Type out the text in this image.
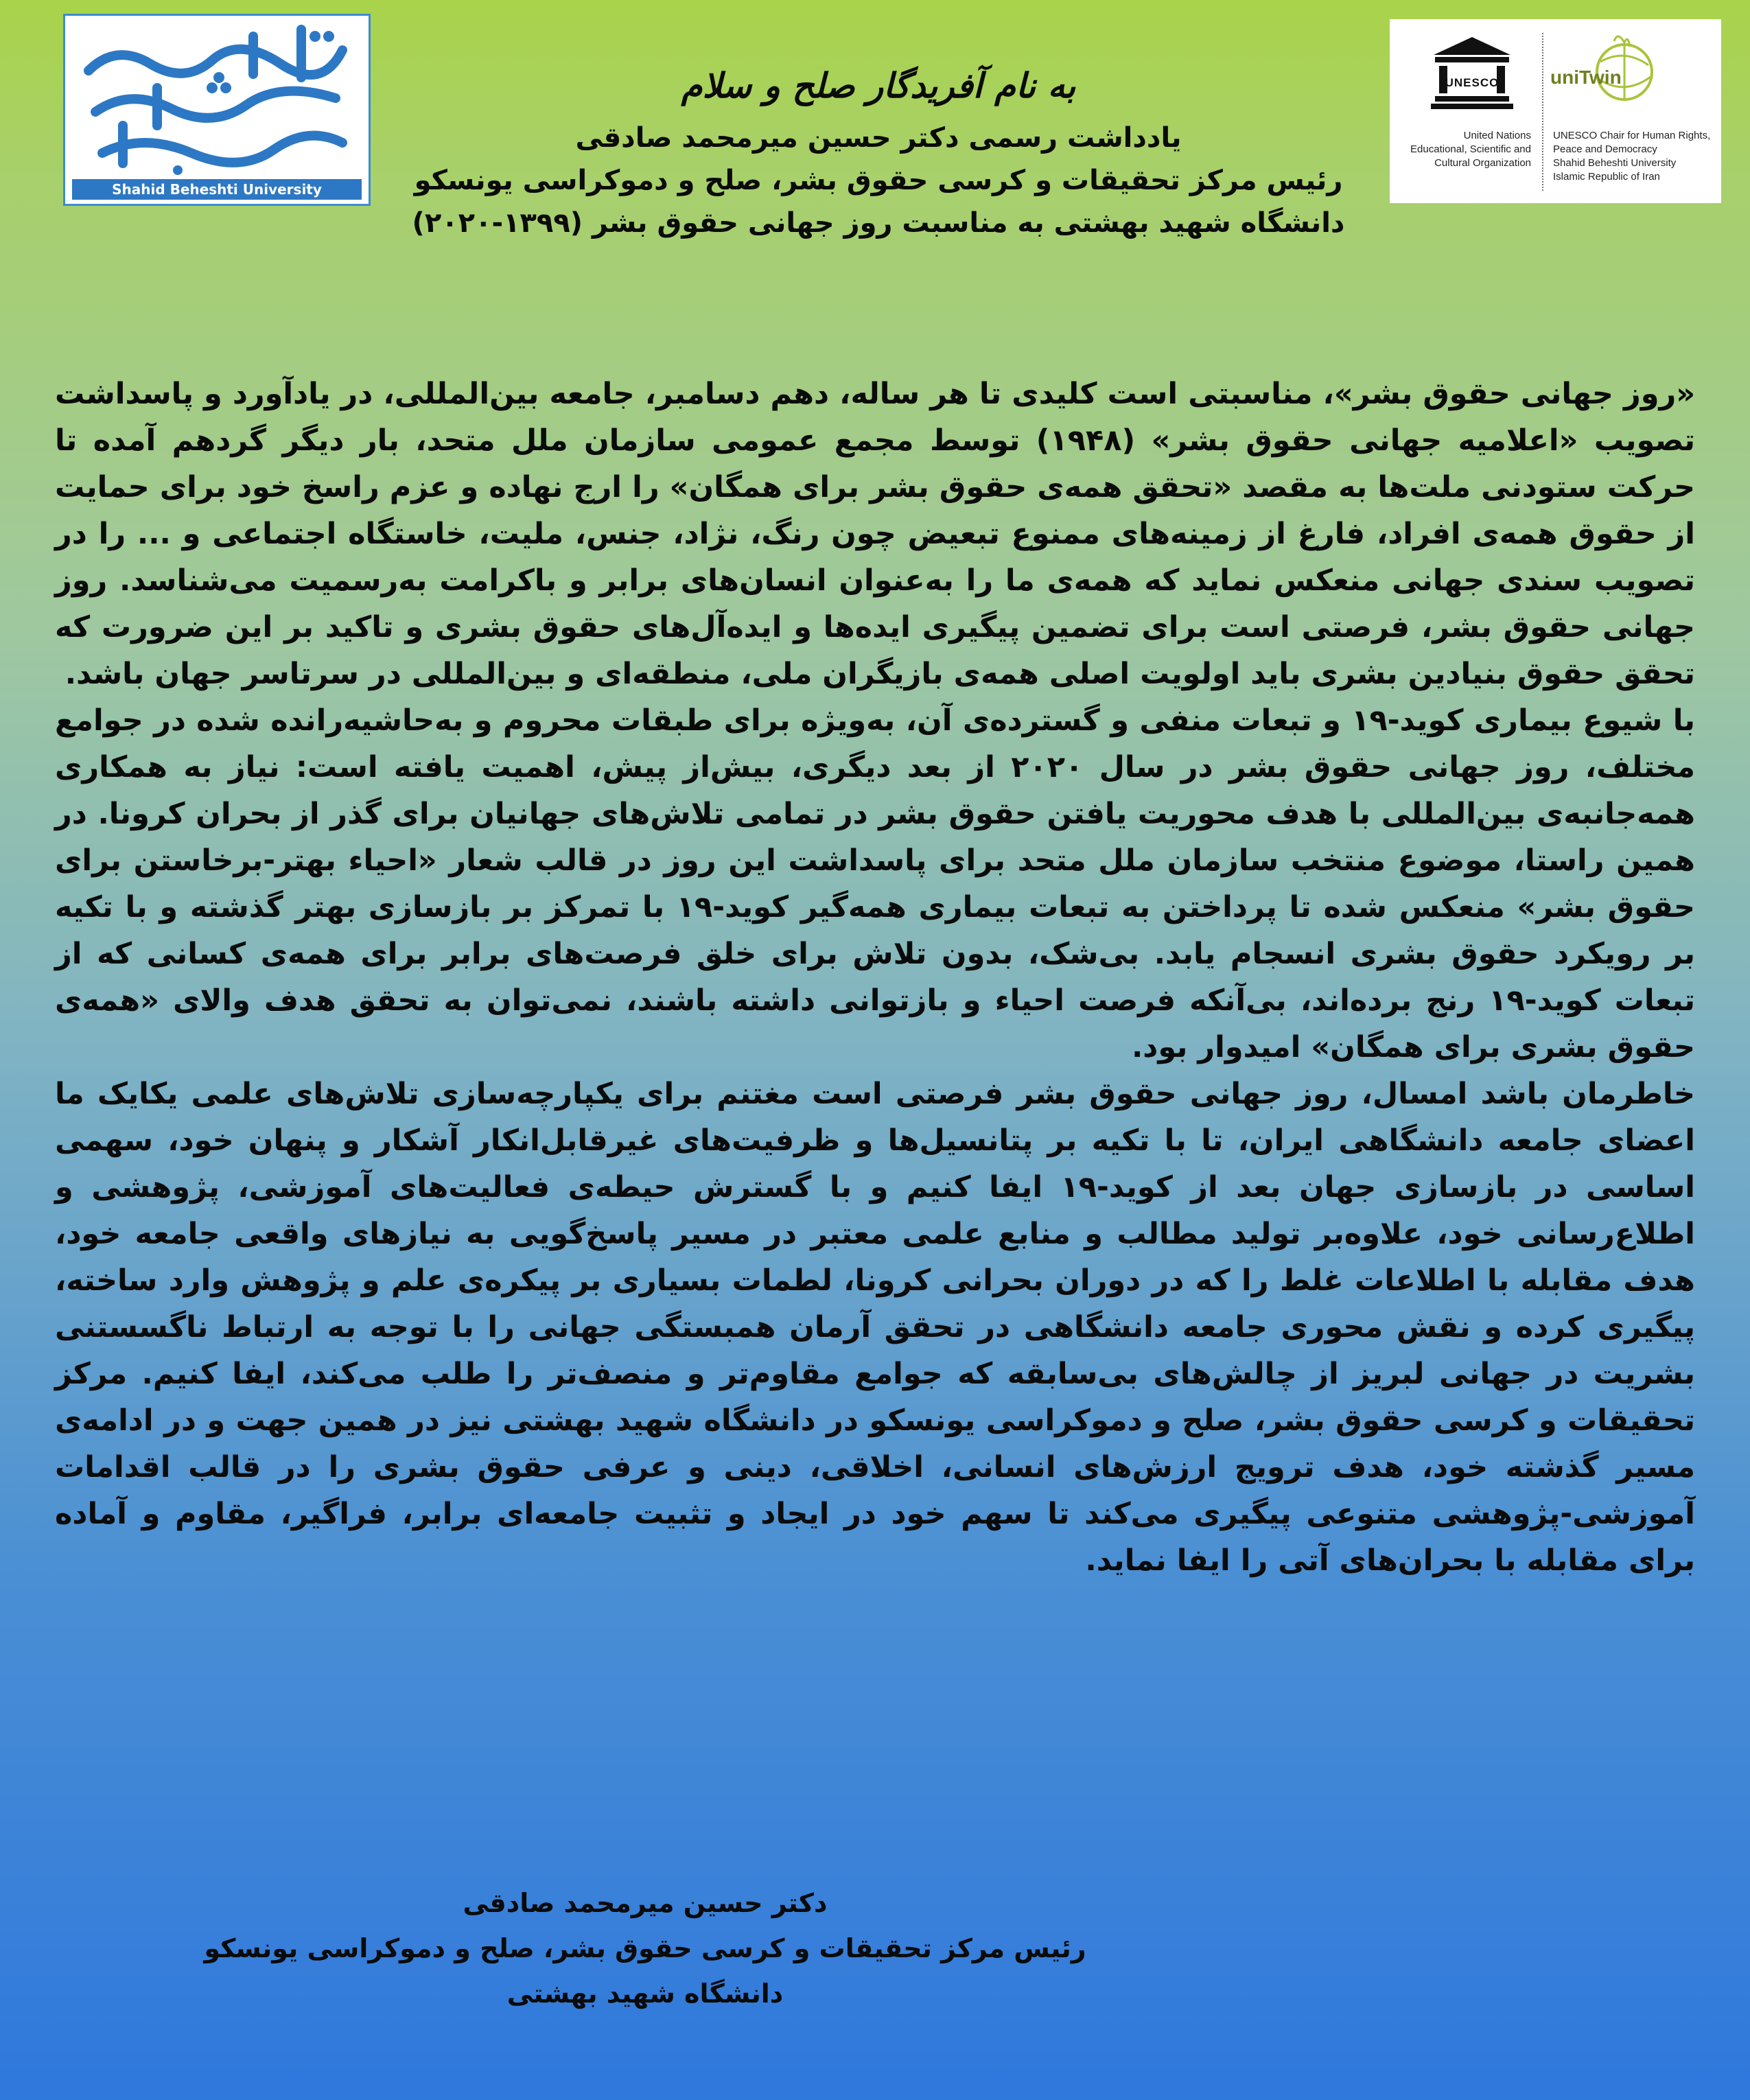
Shahid Beheshti University
UNESCO
United Nations
Educational, Scientific and
Cultural Organization
uniTwin
UNESCO Chair for Human Rights,
Peace and Democracy
Shahid Beheshti University
Islamic Republic of Iran
به نام آفریدگار صلح و سلام
یادداشت رسمی دکتر حسین میرمحمد صادقی
رئیس مرکز تحقیقات و کرسی حقوق بشر، صلح و دموکراسی یونسکو
دانشگاه شهید بهشتی به مناسبت روز جهانی حقوق بشر (۱۳۹۹-۲۰۲۰)

«روز جهانی حقوق بشر»، مناسبتی است کلیدی تا هر ساله، دهم دسامبر، جامعه بین‌المللی، در یادآورد و پاسداشت تصویب «اعلامیه جهانی حقوق بشر» (۱۹۴۸) توسط مجمع عمومی سازمان ملل متحد، بار دیگر گردهم آمده تا حرکت ستودنی ملت‌ها به مقصد «تحقق همه‌ی حقوق بشر برای همگان» را ارج نهاده و عزم راسخ خود برای حمایت از حقوق همه‌ی افراد، فارغ از زمینه‌های ممنوع تبعیض چون رنگ، نژاد، جنس، ملیت، خاستگاه اجتماعی و ... را در تصویب سندی جهانی منعکس نماید که همه‌ی ما را به‌عنوان انسان‌های برابر و باکرامت به‌رسمیت می‌شناسد. روز جهانی حقوق بشر، فرصتی است برای تضمین پیگیری ایده‌ها و ایده‌آل‌های حقوق بشری و تاکید بر این ضرورت که تحقق حقوق بنیادین بشری باید اولویت اصلی همه‌ی بازیگران ملی، منطقه‌ای و بین‌المللی در سرتاسر جهان باشد.

با شیوع بیماری کوید-۱۹ و تبعات منفی و گسترده‌ی آن، به‌ویژه برای طبقات محروم و به‌حاشیه‌رانده شده در جوامع مختلف، روز جهانی حقوق بشر در سال ۲۰۲۰ از بعد دیگری، بیش‌از پیش، اهمیت یافته است: نیاز به همکاری همه‌جانبه‌ی بین‌المللی با هدف محوریت یافتن حقوق بشر در تمامی تلاش‌های جهانیان برای گذر از بحران کرونا. در همین راستا، موضوع منتخب سازمان ملل متحد برای پاسداشت این روز در قالب شعار «احیاء بهتر-برخاستن برای حقوق بشر» منعکس شده تا پرداختن به تبعات بیماری همه‌گیر کوید-۱۹ با تمرکز بر بازسازی بهتر گذشته و با تکیه بر رویکرد حقوق بشری انسجام یابد. بی‌شک، بدون تلاش برای خلق فرصت‌های برابر برای همه‌ی کسانی که از تبعات کوید-۱۹ رنج برده‌اند، بی‌آنکه فرصت احیاء و بازتوانی داشته باشند، نمی‌توان به تحقق هدف والای «همه‌ی حقوق بشری برای همگان» امیدوار بود.

خاطرمان باشد امسال، روز جهانی حقوق بشر فرصتی است مغتنم برای یکپارچه‌سازی تلاش‌های علمی یکایک ما اعضای جامعه دانشگاهی ایران، تا با تکیه بر پتانسیل‌ها و ظرفیت‌های غیرقابل‌انکار آشکار و پنهان خود، سهمی اساسی در بازسازی جهان بعد از کوید-۱۹ ایفا کنیم و با گسترش حیطه‌ی فعالیت‌های آموزشی، پژوهشی و اطلاع‌رسانی خود، علاوه‌بر تولید مطالب و منابع علمی معتبر در مسیر پاسخ‌گویی به نیازهای واقعی جامعه خود، هدف مقابله با اطلاعات غلط را که در دوران بحرانی کرونا، لطمات بسیاری بر پیکره‌ی علم و پژوهش وارد ساخته، پیگیری کرده و نقش محوری جامعه دانشگاهی در تحقق آرمان همبستگی جهانی را با توجه به ارتباط ناگسستنی بشریت در جهانی لبریز از چالش‌های بی‌سابقه که جوامع مقاوم‌تر و منصف‌تر را طلب می‌کند، ایفا کنیم. مرکز تحقیقات و کرسی حقوق بشر، صلح و دموکراسی یونسکو در دانشگاه شهید بهشتی نیز در همین جهت و در ادامه‌ی مسیر گذشته خود، هدف ترویج ارزش‌های انسانی، اخلاقی، دینی و عرفی حقوق بشری را در قالب اقدامات آموزشی-پژوهشی متنوعی پیگیری می‌کند تا سهم خود در ایجاد و تثبیت جامعه‌ای برابر، فراگیر، مقاوم و آماده برای مقابله با بحران‌های آتی را ایفا نماید.

دکتر حسین میرمحمد صادقی
رئیس مرکز تحقیقات و کرسی حقوق بشر، صلح و دموکراسی یونسکو
دانشگاه شهید بهشتی
